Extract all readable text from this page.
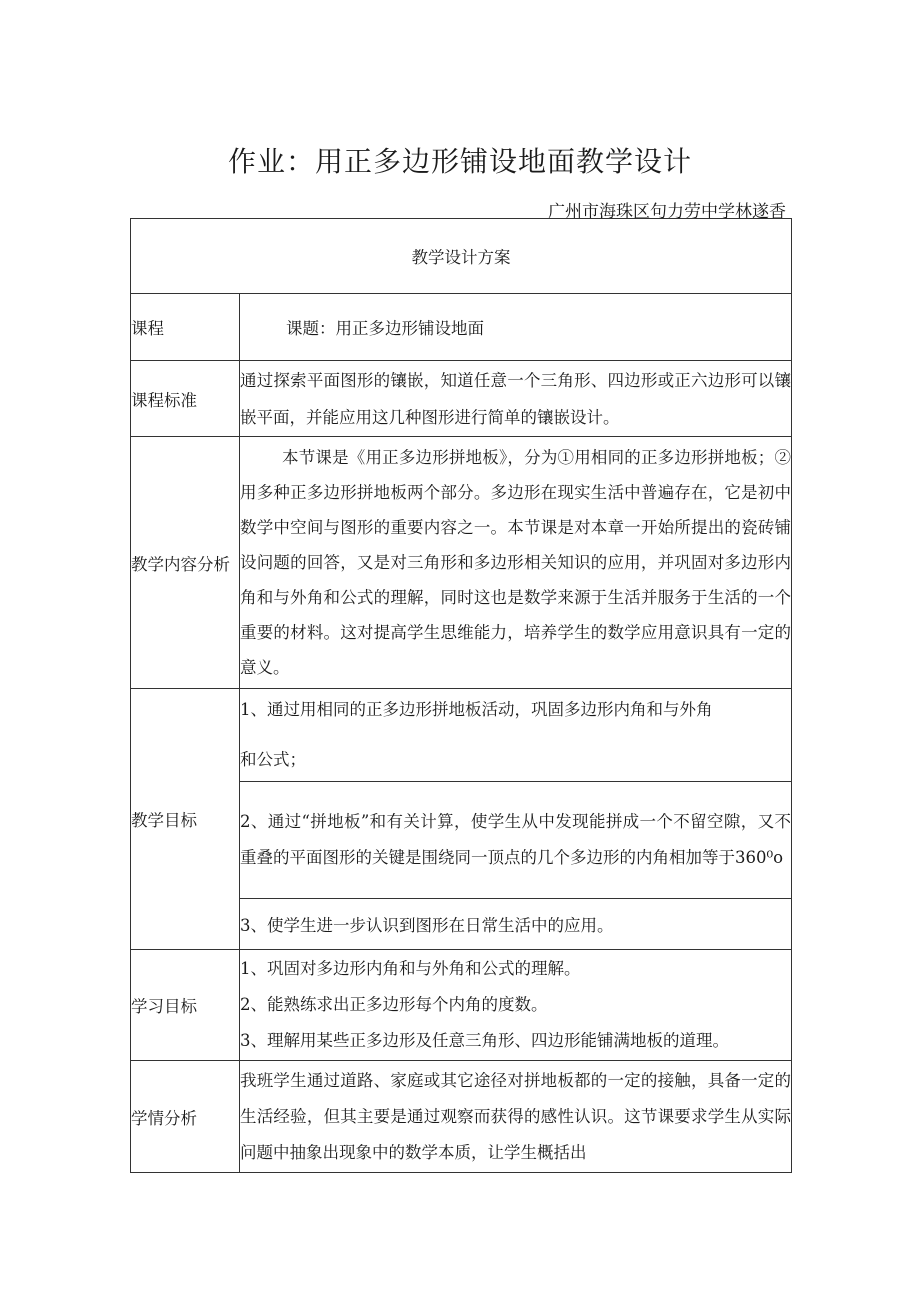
作业：用正多边形铺设地面教学设计
广州市海珠区句力劳中学林遂香
教学设计方案	
课程	课题：用正多边形铺设地面
课程标准	通过探索平面图形的镶嵌，知道任意一个三角形、四边形或正六边形可以镶嵌平面，并能应用这几种图形进行简单的镶嵌设计。
教学内容分析	本节课是《用正多边形拼地板》，分为①用相同的正多边形拼地板；②用多种正多边形拼地板两个部分。多边形在现实生活中普遍存在，它是初中数学中空间与图形的重要内容之一。本节课是对本章一开始所提出的瓷砖铺设问题的回答，又是对三角形和多边形相关知识的应用，并巩固对多边形内角和与外角和公式的理解，同时这也是数学来源于生活并服务于生活的一个重要的材料。这对提高学生思维能力，培养学生的数学应用意识具有一定的意义。
教学目标	1、通过用相同的正多边形拼地板活动，巩固多边形内角和与外角
和公式；

	2、通过“拼地板”和有关计算，使学生从中发现能拼成一个不留空隙，又不重叠的平面图形的关键是围绕同一顶点的几个多边形的内角相加等于360⁰o
	3、使学生进一步认识到图形在日常生活中的应用。
学习目标	1、巩固对多边形内角和与外角和公式的理解。
2、能熟练求出正多边形每个内角的度数。
3、理解用某些正多边形及任意三角形、四边形能铺满地板的道理。

学情分析	我班学生通过道路、家庭或其它途径对拼地板都的一定的接触，具备一定的生活经验，但其主要是通过观察而获得的感性认识。这节课要求学生从实际问题中抽象出现象中的数学本质，让学生概括出
